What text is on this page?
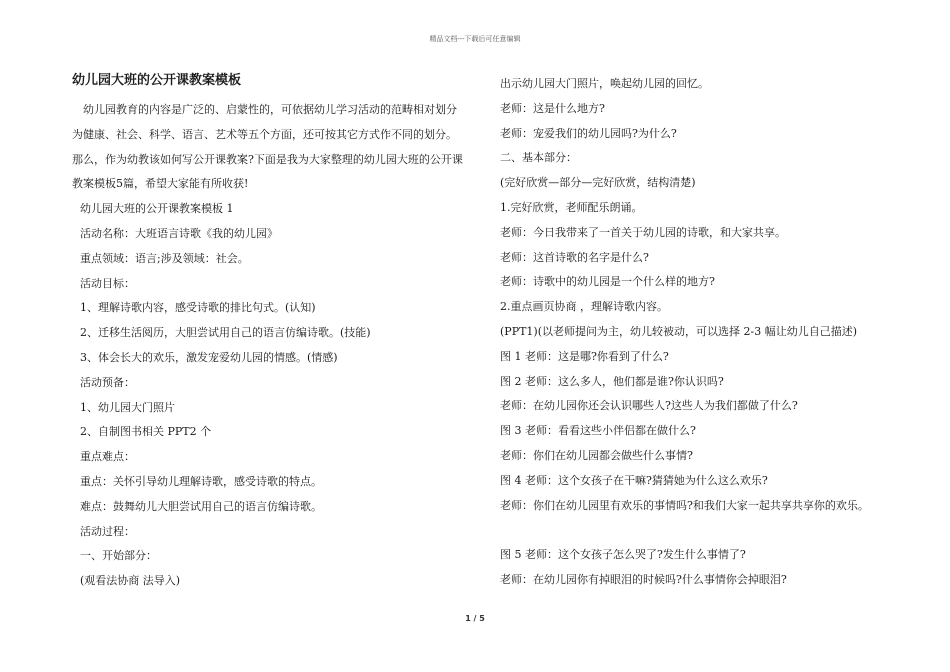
精品文档---下载后可任意编辑
幼儿园大班的公开课教案模板

幼儿园教育的内容是广泛的、启蒙性的，可依据幼儿学习活动的范畴相对划分为健康、社会、科学、语言、艺术等五个方面，还可按其它方式作不同的划分。那么，作为幼教该如何写公开课教案?下面是我为大家整理的幼儿园大班的公开课教案模板5篇，希望大家能有所收获!

幼儿园大班的公开课教案模板 1
活动名称：大班语言诗歌《我的幼儿园》
重点领域：语言;涉及领域：社会。
活动目标：
1、理解诗歌内容，感受诗歌的排比句式。(认知)
2、迁移生活阅历，大胆尝试用自己的语言仿编诗歌。(技能)
3、体会长大的欢乐，激发宠爱幼儿园的情感。(情感)
活动预备：
1、幼儿园大门照片
2、自制图书相关 PPT2 个
重点难点：
重点：关怀引导幼儿理解诗歌，感受诗歌的特点。
难点：鼓舞幼儿大胆尝试用自己的语言仿编诗歌。
活动过程：
一、开始部分：
(观看法协商 法导入)
出示幼儿园大门照片，唤起幼儿园的回忆。
老师：这是什么地方?
老师：宠爱我们的幼儿园吗?为什么?
二、基本部分：
(完好欣赏—部分—完好欣赏，结构清楚)
1.完好欣赏，老师配乐朗诵。
老师：今日我带来了一首关于幼儿园的诗歌，和大家共享。
老师：这首诗歌的名字是什么?
老师：诗歌中的幼儿园是一个什么样的地方?
2.重点画页协商 ，理解诗歌内容。
(PPT1)(以老师提问为主，幼儿较被动，可以选择 2-3 幅让幼儿自己描述)
图 1 老师：这是哪?你看到了什么?
图 2 老师：这么多人，他们都是谁?你认识吗?
老师：在幼儿园你还会认识哪些人?这些人为我们都做了什么?
图 3 老师：看看这些小伴侣都在做什么?
老师：你们在幼儿园都会做些什么事情?
图 4 老师：这个女孩子在干嘛?猜猜她为什么这么欢乐?
老师：你们在幼儿园里有欢乐的事情吗?和我们大家一起共享共享你的欢乐。
图 5 老师：这个女孩子怎么哭了?发生什么事情了?
老师：在幼儿园你有掉眼泪的时候吗?什么事情你会掉眼泪?
1 / 5
